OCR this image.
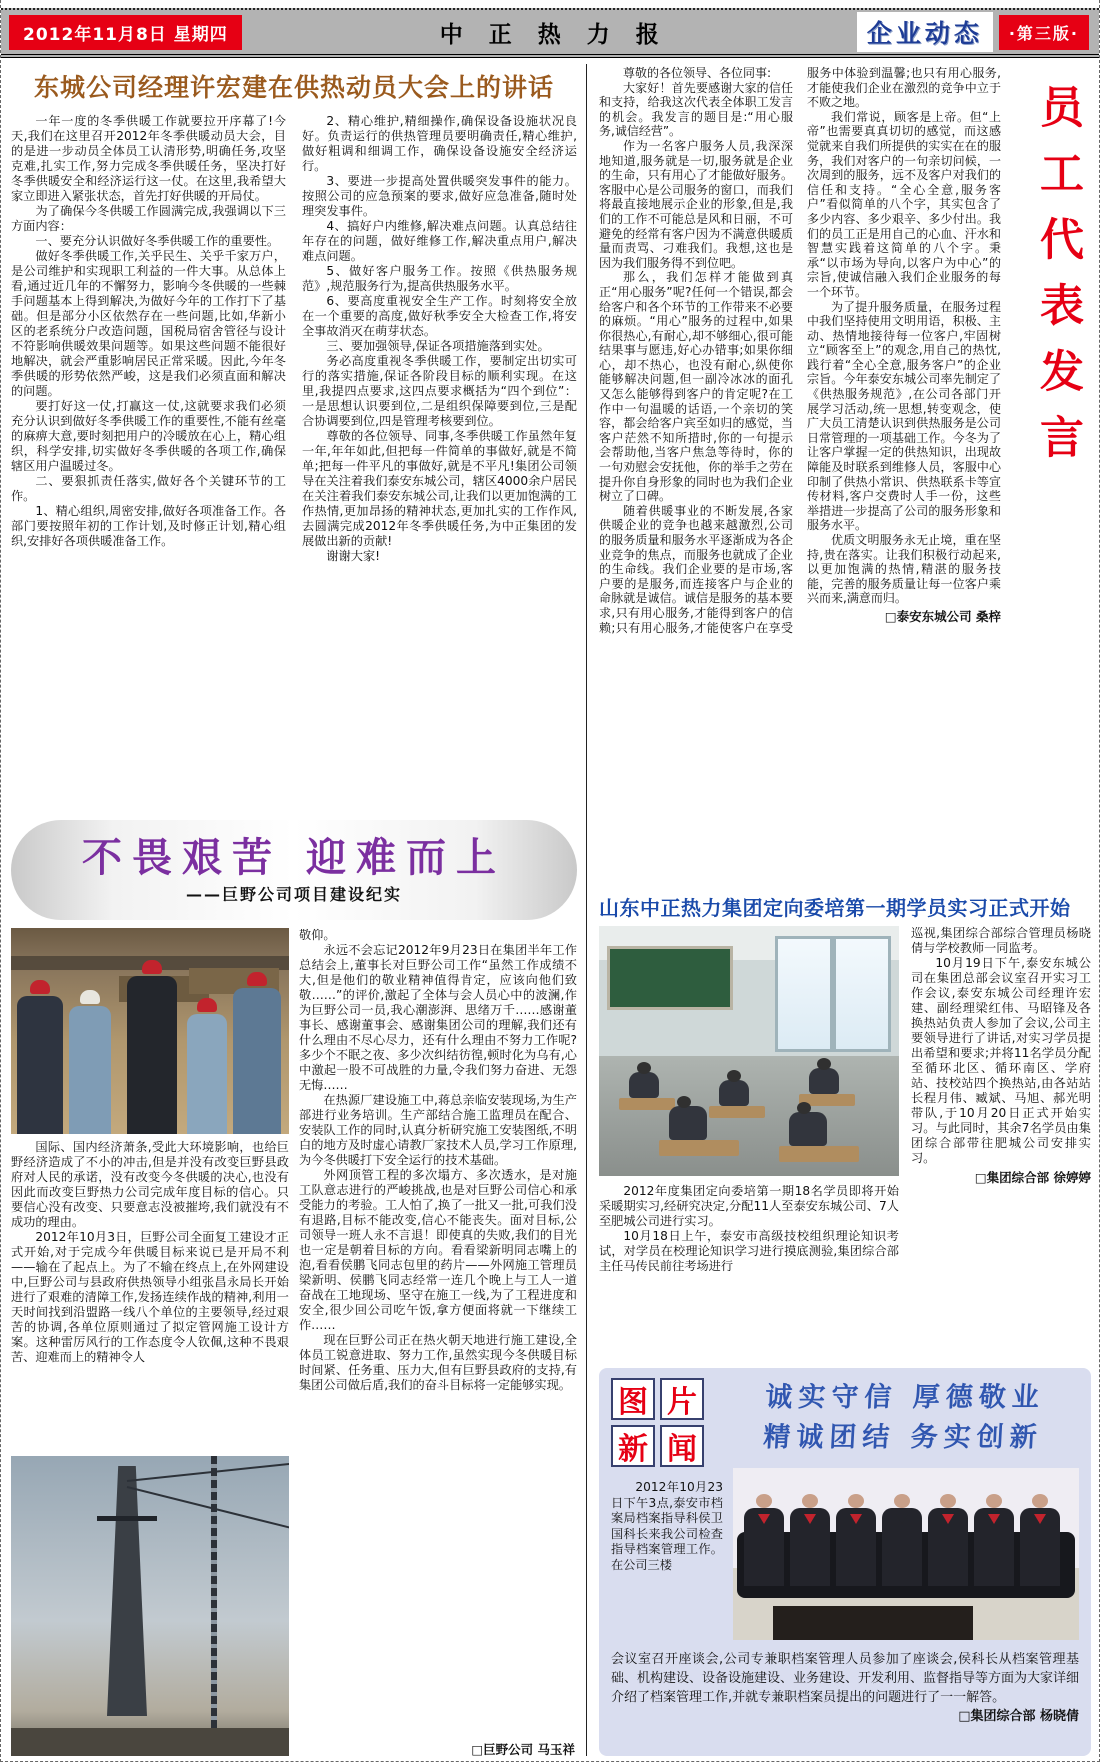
2012年11月8日 星期四	中正热力报	企业动态	·第三版·
东城公司经理许宏建在供热动员大会上的讲话

一年一度的冬季供暖工作就要拉开序幕了!今天,我们在这里召开2012年冬季供暖动员大会，目的是进一步动员全体员工认清形势,明确任务,攻坚克难,扎实工作,努力完成冬季供暖任务，坚决打好冬季供暖安全和经济运行这一仗。在这里,我希望大家立即进入紧张状态，首先打好供暖的开局仗。

为了确保今冬供暖工作圆满完成,我强调以下三方面内容：

一、要充分认识做好冬季供暖工作的重要性。

做好冬季供暖工作,关乎民生、关乎千家万户，是公司维护和实现职工利益的一件大事。从总体上看,通过近几年的不懈努力，影响今冬供暖的一些棘手问题基本上得到解决,为做好今年的工作打下了基础。但是部分小区依然存在一些问题,比如,华新小区的老系统分户改造问题，国税局宿舍管径与设计不符影响供暖效果问题等。如果这些问题不能很好地解决，就会严重影响居民正常采暖。因此,今年冬季供暖的形势依然严峻，这是我们必须直面和解决的问题。

要打好这一仗,打赢这一仗,这就要求我们必须充分认识到做好冬季供暖工作的重要性,不能有丝毫的麻痹大意,要时刻把用户的冷暖放在心上，精心组织，科学安排,切实做好冬季供暖的各项工作,确保辖区用户温暖过冬。

二、要狠抓责任落实,做好各个关键环节的工作。

1、精心组织,周密安排,做好各项准备工作。各部门要按照年初的工作计划,及时修正计划,精心组织,安排好各项供暖准备工作。

2、精心维护,精细操作,确保设备设施状况良好。负责运行的供热管理员要明确责任,精心维护,做好粗调和细调工作，确保设备设施安全经济运行。

3、要进一步提高处置供暖突发事件的能力。按照公司的应急预案的要求,做好应急准备,随时处理突发事件。

4、搞好户内维修,解决难点问题。认真总结往年存在的问题，做好维修工作,解决重点用户,解决难点问题。

5、做好客户服务工作。按照《供热服务规范》,规范服务行为,提高供热服务水平。

6、要高度重视安全生产工作。时刻将安全放在一个重要的高度,做好秋季安全大检查工作,将安全事故消灭在萌芽状态。

三、要加强领导,保证各项措施落到实处。

务必高度重视冬季供暖工作，要制定出切实可行的落实措施,保证各阶段目标的顺利实现。在这里,我提四点要求,这四点要求概括为“四个到位”：一是思想认识要到位,二是组织保障要到位,三是配合协调要到位,四是管理考核要到位。

尊敬的各位领导、同事,冬季供暖工作虽然年复一年,年年如此,但把每一件简单的事做好,就是不简单;把每一件平凡的事做好,就是不平凡!集团公司领导在关注着我们泰安东城公司，辖区4000余户居民在关注着我们泰安东城公司,让我们以更加饱满的工作热情,更加昂扬的精神状态,更加扎实的工作作风,去圆满完成2012年冬季供暖任务,为中正集团的发展做出新的贡献!

谢谢大家!

尊敬的各位领导、各位同事:

大家好！首先要感谢大家的信任和支持，给我这次代表全体职工发言的机会。我发言的题目是:“用心服务,诚信经营”。

作为一名客户服务人员,我深深地知道,服务就是一切,服务就是企业的生命，只有用心了才能做好服务。客服中心是公司服务的窗口，而我们将最直接地展示企业的形象,但是,我们的工作不可能总是风和日丽，不可避免的经常有客户因为不满意供暖质量而责骂、刁难我们。我想,这也是因为我们服务得不到位吧。

那么，我们怎样才能做到真正“用心服务”呢?任何一个错误,都会给客户和各个环节的工作带来不必要的麻烦。“用心”服务的过程中,如果你很热心,有耐心,却不够细心,很可能结果事与愿违,好心办错事;如果你细心，却不热心，也没有耐心,纵使你能够解决问题,但一副冷冰冰的面孔又怎么能够得到客户的肯定呢?在工作中一句温暖的话语,一个亲切的笑容，都会给客户宾至如归的感觉，当客户茫然不知所措时,你的一句提示会帮助他,当客户焦急等待时，你的一句劝慰会安抚他，你的举手之劳在提升你自身形象的同时也为我们企业树立了口碑。

随着供暖事业的不断发展,各家供暖企业的竞争也越来越激烈,公司的服务质量和服务水平逐渐成为各企业竞争的焦点，而服务也就成了企业的生命线。我们企业要的是市场,客户要的是服务,而连接客户与企业的命脉就是诚信。诚信是服务的基本要求,只有用心服务,才能得到客户的信赖;只有用心服务,才能使客户在享受服务中体验到温馨;也只有用心服务,才能使我们企业在激烈的竞争中立于不败之地。

我们常说，顾客是上帝。但“上帝”也需要真真切切的感觉，而这感觉就来自我们所提供的实实在在的服务，我们对客户的一句亲切问候，一次周到的服务，远不及客户对我们的信任和支持。“全心全意,服务客户”看似简单的八个字，其实包含了多少内容、多少艰辛、多少付出。我们的员工正是用自己的心血、汗水和智慧实践着这简单的八个字。秉承“以市场为导向,以客户为中心”的宗旨,使诚信融入我们企业服务的每一个环节。

为了提升服务质量，在服务过程中我们坚持使用文明用语，积极、主动、热情地接待每一位客户,牢固树立“顾客至上”的观念,用自己的热忱,践行着“全心全意,服务客户”的企业宗旨。今年泰安东城公司率先制定了《供热服务规范》,在公司各部门开展学习活动,统一思想,转变观念，使广大员工清楚认识到供热服务是公司日常管理的一项基础工作。今冬为了让客户掌握一定的供热知识，出现故障能及时联系到维修人员，客服中心印制了供热小常识、供热联系卡等宣传材料,客户交费时人手一份，这些举措进一步提高了公司的服务形象和服务水平。

优质文明服务永无止境，重在坚持,贵在落实。让我们积极行动起来,以更加饱满的热情,精湛的服务技能，完善的服务质量让每一位客户乘兴而来,满意而归。

□泰安东城公司 桑梓
员工代表发言
不畏艰苦 迎难而上
——巨野公司项目建设纪实

国际、国内经济萧条,受此大环境影响，也给巨野经济造成了不小的冲击,但是并没有改变巨野县政府对人民的承诺，没有改变今冬供暖的决心,也没有因此而改变巨野热力公司完成年度目标的信心。只要信心没有改变、只要意志没被摧垮,我们就没有不成功的理由。

2012年10月3日，巨野公司全面复工建设才正式开始,对于完成今年供暖目标来说已是开局不利——输在了起点上。为了不输在终点上,在外网建设中,巨野公司与县政府供热领导小组张昌永局长开始进行了艰难的清障工作,发扬连续作战的精神,利用一天时间找到沿盟路一线八个单位的主要领导,经过艰苦的协调,各单位原则通过了拟定管网施工设计方案。这种雷厉风行的工作态度令人钦佩,这种不畏艰苦、迎难而上的精神令人

敬仰。

永远不会忘记2012年9月23日在集团半年工作总结会上,董事长对巨野公司工作“虽然工作成绩不大,但是他们的敬业精神值得肯定，应该向他们致敬……”的评价,激起了全体与会人员心中的波澜,作为巨野公司一员,我心潮澎湃、思绪万千……感谢董事长、感谢董事会、感谢集团公司的理解,我们还有什么理由不尽心尽力，还有什么理由不努力工作呢?多少个不眠之夜、多少次纠结彷徨,顿时化为乌有,心中激起一股不可战胜的力量,令我们努力奋进、无怨无悔……

在热源厂建设施工中,蒋总亲临安装现场,为生产部进行业务培训。生产部结合施工监理员在配合、安装队工作的同时,认真分析研究施工安装图纸,不明白的地方及时虚心请教厂家技术人员,学习工作原理,为今冬供暖打下安全运行的技术基础。

外网顶管工程的多次塌方、多次透水，是对施工队意志进行的严峻挑战,也是对巨野公司信心和承受能力的考验。工人怕了,换了一批又一批,可我们没有退路,目标不能改变,信心不能丧失。面对目标,公司领导一班人永不言退！即使真的失败,我们的目光也一定是朝着目标的方向。看看梁新明同志嘴上的泡,看看侯鹏飞同志包里的药片——外网施工管理员梁新明、侯鹏飞同志经常一连几个晚上与工人一道奋战在工地现场、坚守在施工一线,为了工程进度和安全,很少回公司吃午饭,拿方便面将就一下继续工作……

现在巨野公司正在热火朝天地进行施工建设,全体员工锐意进取、努力工作,虽然实现今冬供暖目标时间紧、任务重、压力大,但有巨野县政府的支持,有集团公司做后盾,我们的奋斗目标将一定能够实现。

□巨野公司 马玉祥
山东中正热力集团定向委培第一期学员实习正式开始

巡视,集团综合部综合管理员杨晓倩与学校教师一同监考。

10月19日下午,泰安东城公司在集团总部会议室召开实习工作会议,泰安东城公司经理许宏建、副经理梁红伟、马昭锋及各换热站负责人参加了会议,公司主要领导进行了讲话,对实习学员提出希望和要求;并将11名学员分配至循环北区、循环南区、学府站、技校站四个换热站,由各站站长程月伟、臧斌、马旭、郝光明带队,于10月20日正式开始实习。与此同时，其余7名学员由集团综合部带往肥城公司安排实习。

□集团综合部 徐婷婷

2012年度集团定向委培第一期18名学员即将开始采暖期实习,经研究决定,分配11人至泰安东城公司、7人至肥城公司进行实习。

10月18日上午，泰安市高级技校组织理论知识考试，对学员在校理论知识学习进行摸底测验,集团综合部主任马传民前往考场进行

图 片
新 闻
诚实守信 厚德敬业
精诚团结 务实创新

2012年10月23日下午3点,泰安市档案局档案指导科侯卫国科长来我公司检查指导档案管理工作。在公司三楼

会议室召开座谈会,公司专兼职档案管理人员参加了座谈会,侯科长从档案管理基础、机构建设、设备设施建设、业务建设、开发利用、监督指导等方面为大家详细介绍了档案管理工作,并就专兼职档案员提出的问题进行了一一解答。

□集团综合部 杨晓倩
